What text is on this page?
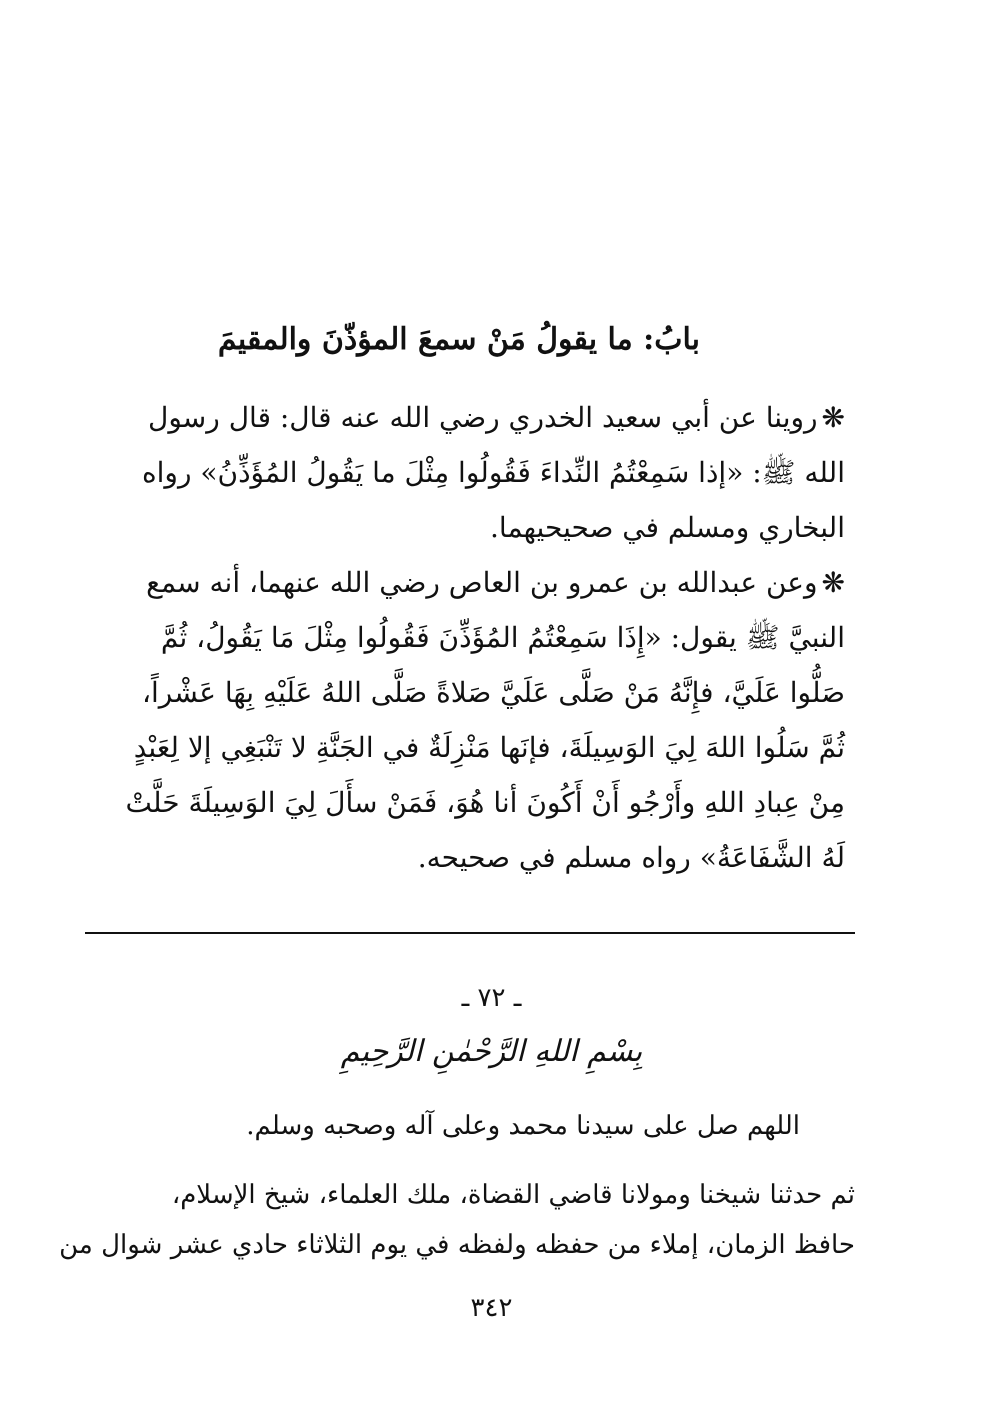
بابُ: ما يقولُ مَنْ سمعَ المؤذّنَ والمقيمَ
❋روينا عن أبي سعيد الخدري رضي الله عنه قال: قال رسول
الله ﷺ: «إذا سَمِعْتُمُ النِّداءَ فَقُولُوا مِثْلَ ما يَقُولُ المُؤَذِّنُ» رواه
البخاري ومسلم في صحيحيهما.
❋وعن عبدالله بن عمرو بن العاص رضي الله عنهما، أنه سمع
النبيَّ ﷺ يقول: «إِذَا سَمِعْتُمُ المُؤَذِّنَ فَقُولُوا مِثْلَ مَا يَقُولُ، ثُمَّ
صَلُّوا عَلَيَّ، فإِنَّهُ مَنْ صَلَّى عَلَيَّ صَلاةً صَلَّى اللهُ عَلَيْهِ بِهَا عَشْراً،
ثُمَّ سَلُوا اللهَ لِيَ الوَسِيلَةَ، فإنَها مَنْزِلَةٌ في الجَنَّةِ لا تَنْبَغِي إلا لِعَبْدٍ
مِنْ عِبادِ اللهِ وأَرْجُو أَنْ أَكُونَ أنا هُوَ، فَمَنْ سأَلَ لِيَ الوَسِيلَةَ حَلَّتْ
لَهُ الشَّفَاعَةُ» رواه مسلم في صحيحه.
ـ ٧٢ ـ
بِسْمِ اللهِ الرَّحْمٰنِ الرَّحِيمِ
اللهم صل على سيدنا محمد وعلى آله وصحبه وسلم.
ثم حدثنا شيخنا ومولانا قاضي القضاة، ملك العلماء، شيخ الإسلام،
حافظ الزمان، إملاء من حفظه ولفظه في يوم الثلاثاء حادي عشر شوال من
٣٤٢
